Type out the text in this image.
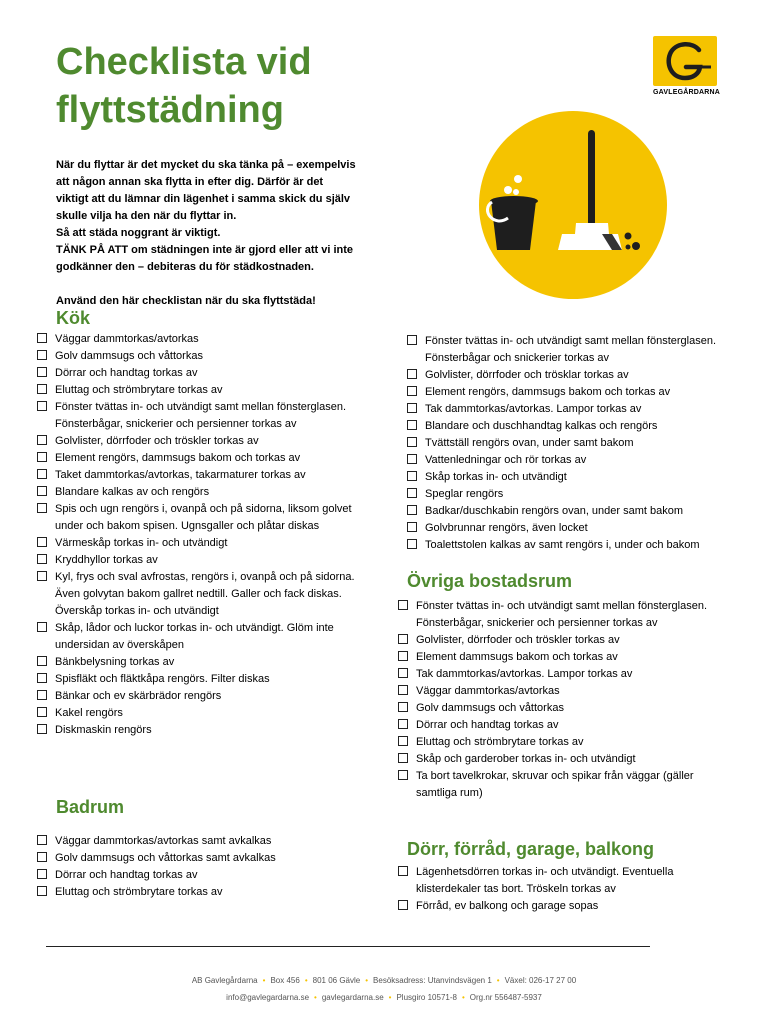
Checklista vid
flyttstädning	GAVLEGÅRDARNA

När du flyttar är det mycket du ska tänka på – exempelvis

att någon annan ska flytta in efter dig. Därför är det

viktigt att du lämnar din lägenhet i samma skick du själv

skulle vilja ha den när du flyttar in.

Så att städa noggrant är viktigt.

TÄNK PÅ ATT om städningen inte är gjord eller att vi inte

godkänner den – debiteras du för städkostnaden.

Använd den här checklistan när du ska flyttstäda!

Kök
Väggar dammtorkas/avtorkas
Golv dammsugs och våttorkas
Dörrar och handtag torkas av
Eluttag och strömbrytare torkas av
Fönster tvättas in- och utvändigt samt mellan fönsterglasen. Fönsterbågar, snickerier och persienner torkas av
Golvlister, dörrfoder och tröskler torkas av
Element rengörs, dammsugs bakom och torkas av
Taket dammtorkas/avtorkas, takarmaturer torkas av
Blandare kalkas av och rengörs
Spis och ugn rengörs i, ovanpå och på sidorna, liksom golvet under och bakom spisen. Ugnsgaller och plåtar diskas
Värmeskåp torkas in- och utvändigt
Kryddhyllor torkas av
Kyl, frys och sval avfrostas, rengörs i, ovanpå och på sidorna. Även golvytan bakom gallret nedtill. Galler och fack diskas. Överskåp torkas in- och utvändigt
Skåp, lådor och luckor torkas in- och utvändigt. Glöm inte undersidan av överskåpen
Bänkbelysning torkas av
Spisfläkt och fläktkåpa rengörs. Filter diskas
Bänkar och ev skärbrädor rengörs
Kakel rengörs
Diskmaskin rengörs
Badrum
Väggar dammtorkas/avtorkas samt avkalkas
Golv dammsugs och våttorkas samt avkalkas
Dörrar och handtag torkas av
Eluttag och strömbrytare torkas av
Fönster tvättas in- och utvändigt samt mellan fönsterglasen. Fönsterbågar och snickerier torkas av
Golvlister, dörrfoder och trösklar torkas av
Element rengörs, dammsugs bakom och torkas av
Tak dammtorkas/avtorkas. Lampor torkas av
Blandare och duschhandtag kalkas och rengörs
Tvättställ rengörs ovan, under samt bakom
Vattenledningar och rör torkas av
Skåp torkas in- och utvändigt
Speglar rengörs
Badkar/duschkabin rengörs ovan, under samt bakom
Golvbrunnar rengörs, även locket
Toalettstolen kalkas av samt rengörs i, under och bakom
Övriga bostadsrum
Fönster tvättas in- och utvändigt samt mellan fönsterglasen. Fönsterbågar, snickerier och persienner torkas av
Golvlister, dörrfoder och tröskler torkas av
Element dammsugs bakom och torkas av
Tak dammtorkas/avtorkas. Lampor torkas av
Väggar dammtorkas/avtorkas
Golv dammsugs och våttorkas
Dörrar och handtag torkas av
Eluttag och strömbrytare torkas av
Skåp och garderober torkas in- och utvändigt
Ta bort tavelkrokar, skruvar och spikar från väggar (gäller samtliga rum)
Dörr, förråd, garage, balkong
Lägenhetsdörren torkas in- och utvändigt. Eventuella klisterdekaler tas bort. Tröskeln torkas av
Förråd, ev balkong och garage sopas
AB Gavlegårdarna • Box 456 • 801 06 Gävle • Besöksadress: Utanvindsvägen 1 • Växel: 026-17 27 00
info@gavlegardarna.se • gavlegardarna.se • Plusgiro 10571-8 • Org.nr 556487-5937
